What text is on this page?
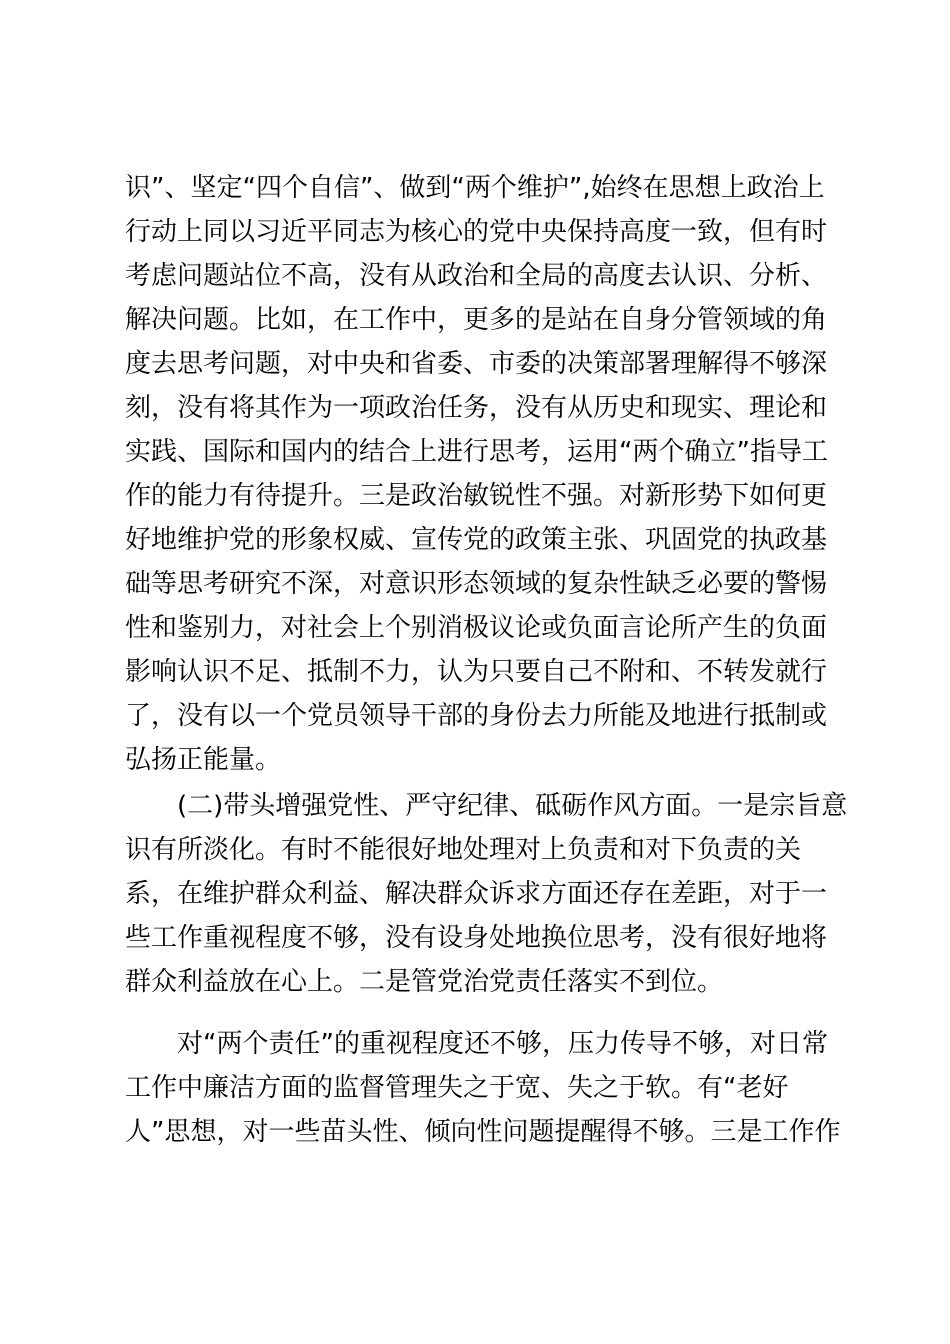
识”、坚定“四个自信”、做到“两个维护”,始终在思想上政治上
行动上同以习近平同志为核心的党中央保持高度一致，但有时
考虑问题站位不高，没有从政治和全局的高度去认识、分析、
解决问题。比如，在工作中，更多的是站在自身分管领域的角
度去思考问题，对中央和省委、市委的决策部署理解得不够深
刻，没有将其作为一项政治任务，没有从历史和现实、理论和
实践、国际和国内的结合上进行思考，运用“两个确立”指导工
作的能力有待提升。三是政治敏锐性不强。对新形势下如何更
好地维护党的形象权威、宣传党的政策主张、巩固党的执政基
础等思考研究不深，对意识形态领域的复杂性缺乏必要的警惕
性和鉴别力，对社会上个别消极议论或负面言论所产生的负面
影响认识不足、抵制不力，认为只要自己不附和、不转发就行
了，没有以一个党员领导干部的身份去力所能及地进行抵制或
弘扬正能量。
(二)带头增强党性、严守纪律、砥砺作风方面。一是宗旨意
识有所淡化。有时不能很好地处理对上负责和对下负责的关
系，在维护群众利益、解决群众诉求方面还存在差距，对于一
些工作重视程度不够，没有设身处地换位思考，没有很好地将
群众利益放在心上。二是管党治党责任落实不到位。
对“两个责任”的重视程度还不够，压力传导不够，对日常
工作中廉洁方面的监督管理失之于宽、失之于软。有“老好
人”思想，对一些苗头性、倾向性问题提醒得不够。三是工作作
